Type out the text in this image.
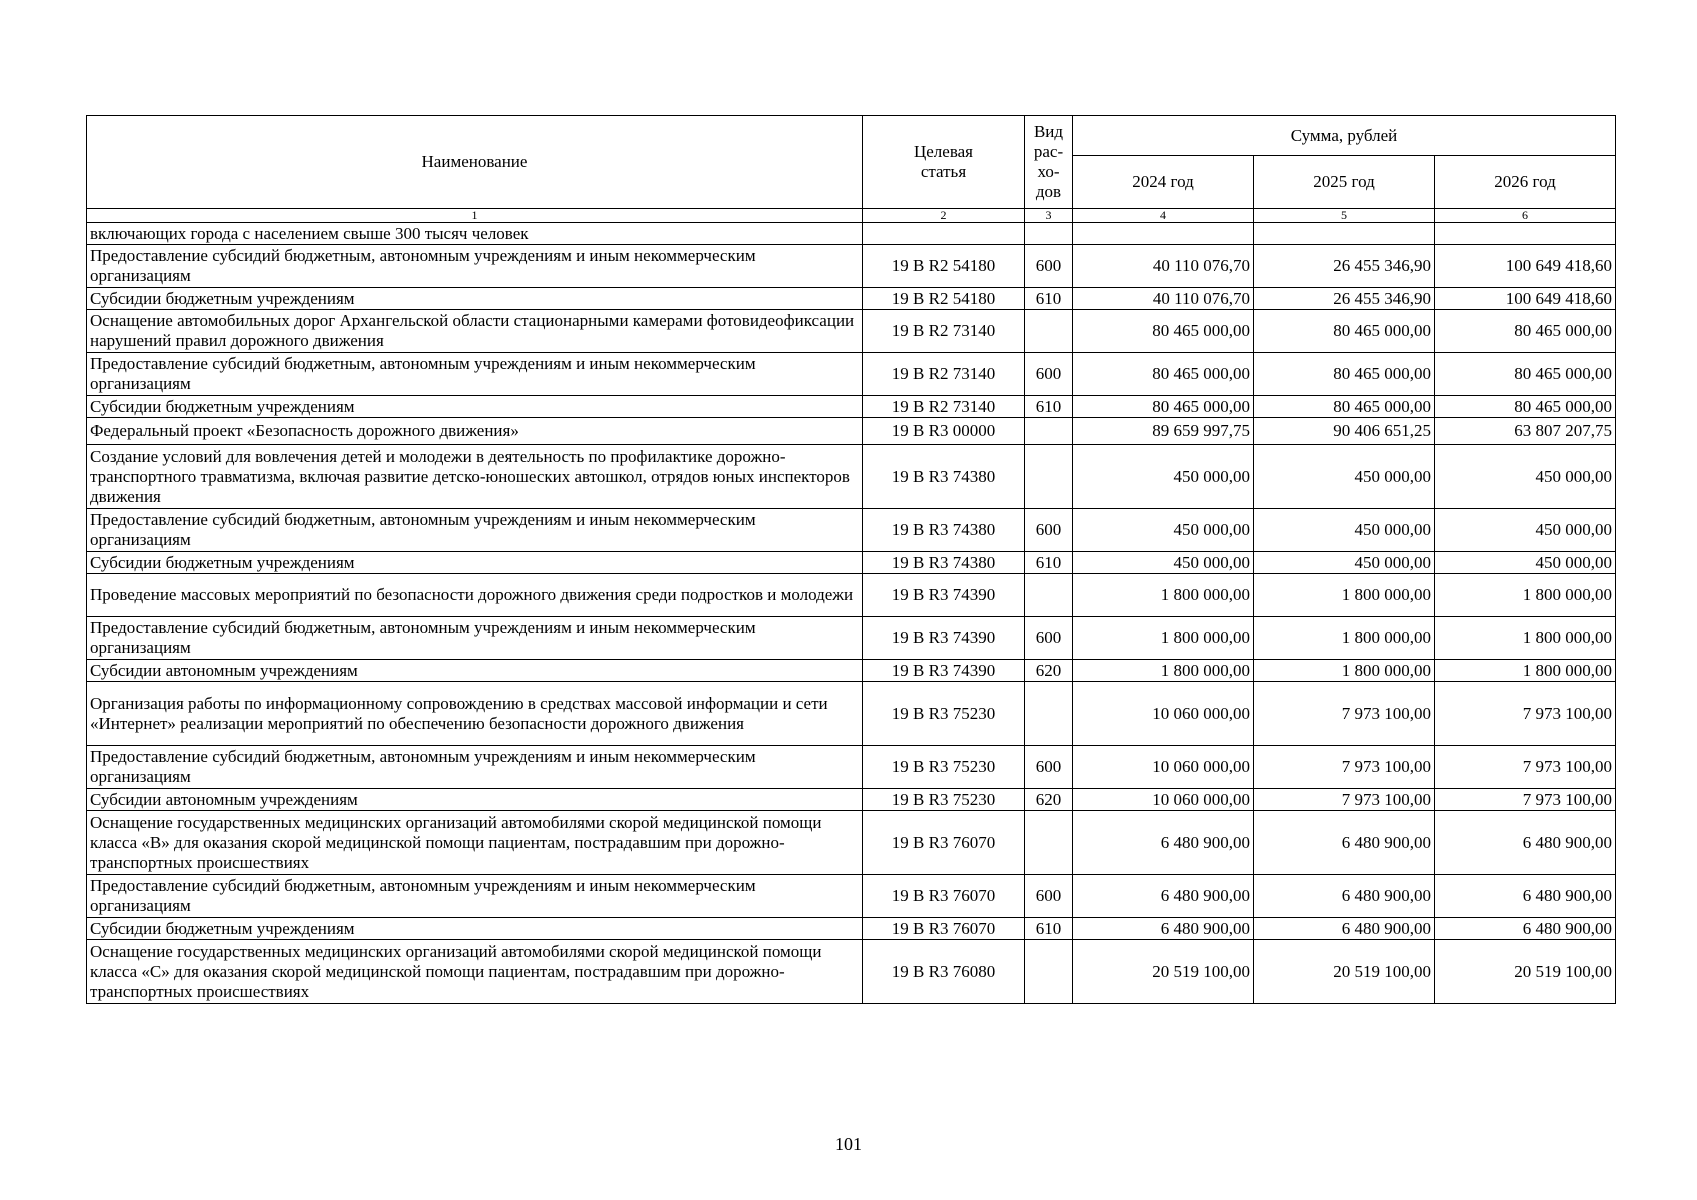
Наименование	Целевая статья	Вид рас-хо-дов	Сумма, рублей		
			2024 год	2025 год	2026 год
1	2	3	4	5	6
включающих города с населением свыше 300 тысяч человек					
Предоставление субсидий бюджетным, автономным учреждениям и иным некоммерческим организациям	19 В R2 54180	600	40 110 076,70	26 455 346,90	100 649 418,60
Субсидии бюджетным учреждениям	19 В R2 54180	610	40 110 076,70	26 455 346,90	100 649 418,60
Оснащение автомобильных дорог Архангельской области стационарными камерами фотовидеофиксации нарушений правил дорожного движения	19 В R2 73140		80 465 000,00	80 465 000,00	80 465 000,00
Предоставление субсидий бюджетным, автономным учреждениям и иным некоммерческим организациям	19 В R2 73140	600	80 465 000,00	80 465 000,00	80 465 000,00
Субсидии бюджетным учреждениям	19 В R2 73140	610	80 465 000,00	80 465 000,00	80 465 000,00
Федеральный проект «Безопасность дорожного движения»	19 В R3 00000		89 659 997,75	90 406 651,25	63 807 207,75
Создание условий для вовлечения детей и молодежи в деятельность по профилактике дорожно-транспортного травматизма, включая развитие детско-юношеских автошкол, отрядов юных инспекторов движения	19 В R3 74380		450 000,00	450 000,00	450 000,00
Предоставление субсидий бюджетным, автономным учреждениям и иным некоммерческим организациям	19 В R3 74380	600	450 000,00	450 000,00	450 000,00
Субсидии бюджетным учреждениям	19 В R3 74380	610	450 000,00	450 000,00	450 000,00
Проведение массовых мероприятий по безопасности дорожного движения среди подростков и молодежи	19 В R3 74390		1 800 000,00	1 800 000,00	1 800 000,00
Предоставление субсидий бюджетным, автономным учреждениям и иным некоммерческим организациям	19 В R3 74390	600	1 800 000,00	1 800 000,00	1 800 000,00
Субсидии автономным учреждениям	19 В R3 74390	620	1 800 000,00	1 800 000,00	1 800 000,00
Организация работы по информационному сопровождению в средствах массовой информации и сети «Интернет» реализации мероприятий по обеспечению безопасности дорожного движения	19 В R3 75230		10 060 000,00	7 973 100,00	7 973 100,00
Предоставление субсидий бюджетным, автономным учреждениям и иным некоммерческим организациям	19 В R3 75230	600	10 060 000,00	7 973 100,00	7 973 100,00
Субсидии автономным учреждениям	19 В R3 75230	620	10 060 000,00	7 973 100,00	7 973 100,00
Оснащение государственных медицинских организаций автомобилями скорой медицинской помощи класса «В» для оказания скорой медицинской помощи пациентам, пострадавшим при дорожно-транспортных происшествиях	19 В R3 76070		6 480 900,00	6 480 900,00	6 480 900,00
Предоставление субсидий бюджетным, автономным учреждениям и иным некоммерческим организациям	19 В R3 76070	600	6 480 900,00	6 480 900,00	6 480 900,00
Субсидии бюджетным учреждениям	19 В R3 76070	610	6 480 900,00	6 480 900,00	6 480 900,00
Оснащение государственных медицинских организаций автомобилями скорой медицинской помощи класса «С» для оказания скорой медицинской помощи пациентам, пострадавшим при дорожно-транспортных происшествиях	19 В R3 76080		20 519 100,00	20 519 100,00	20 519 100,00
101
